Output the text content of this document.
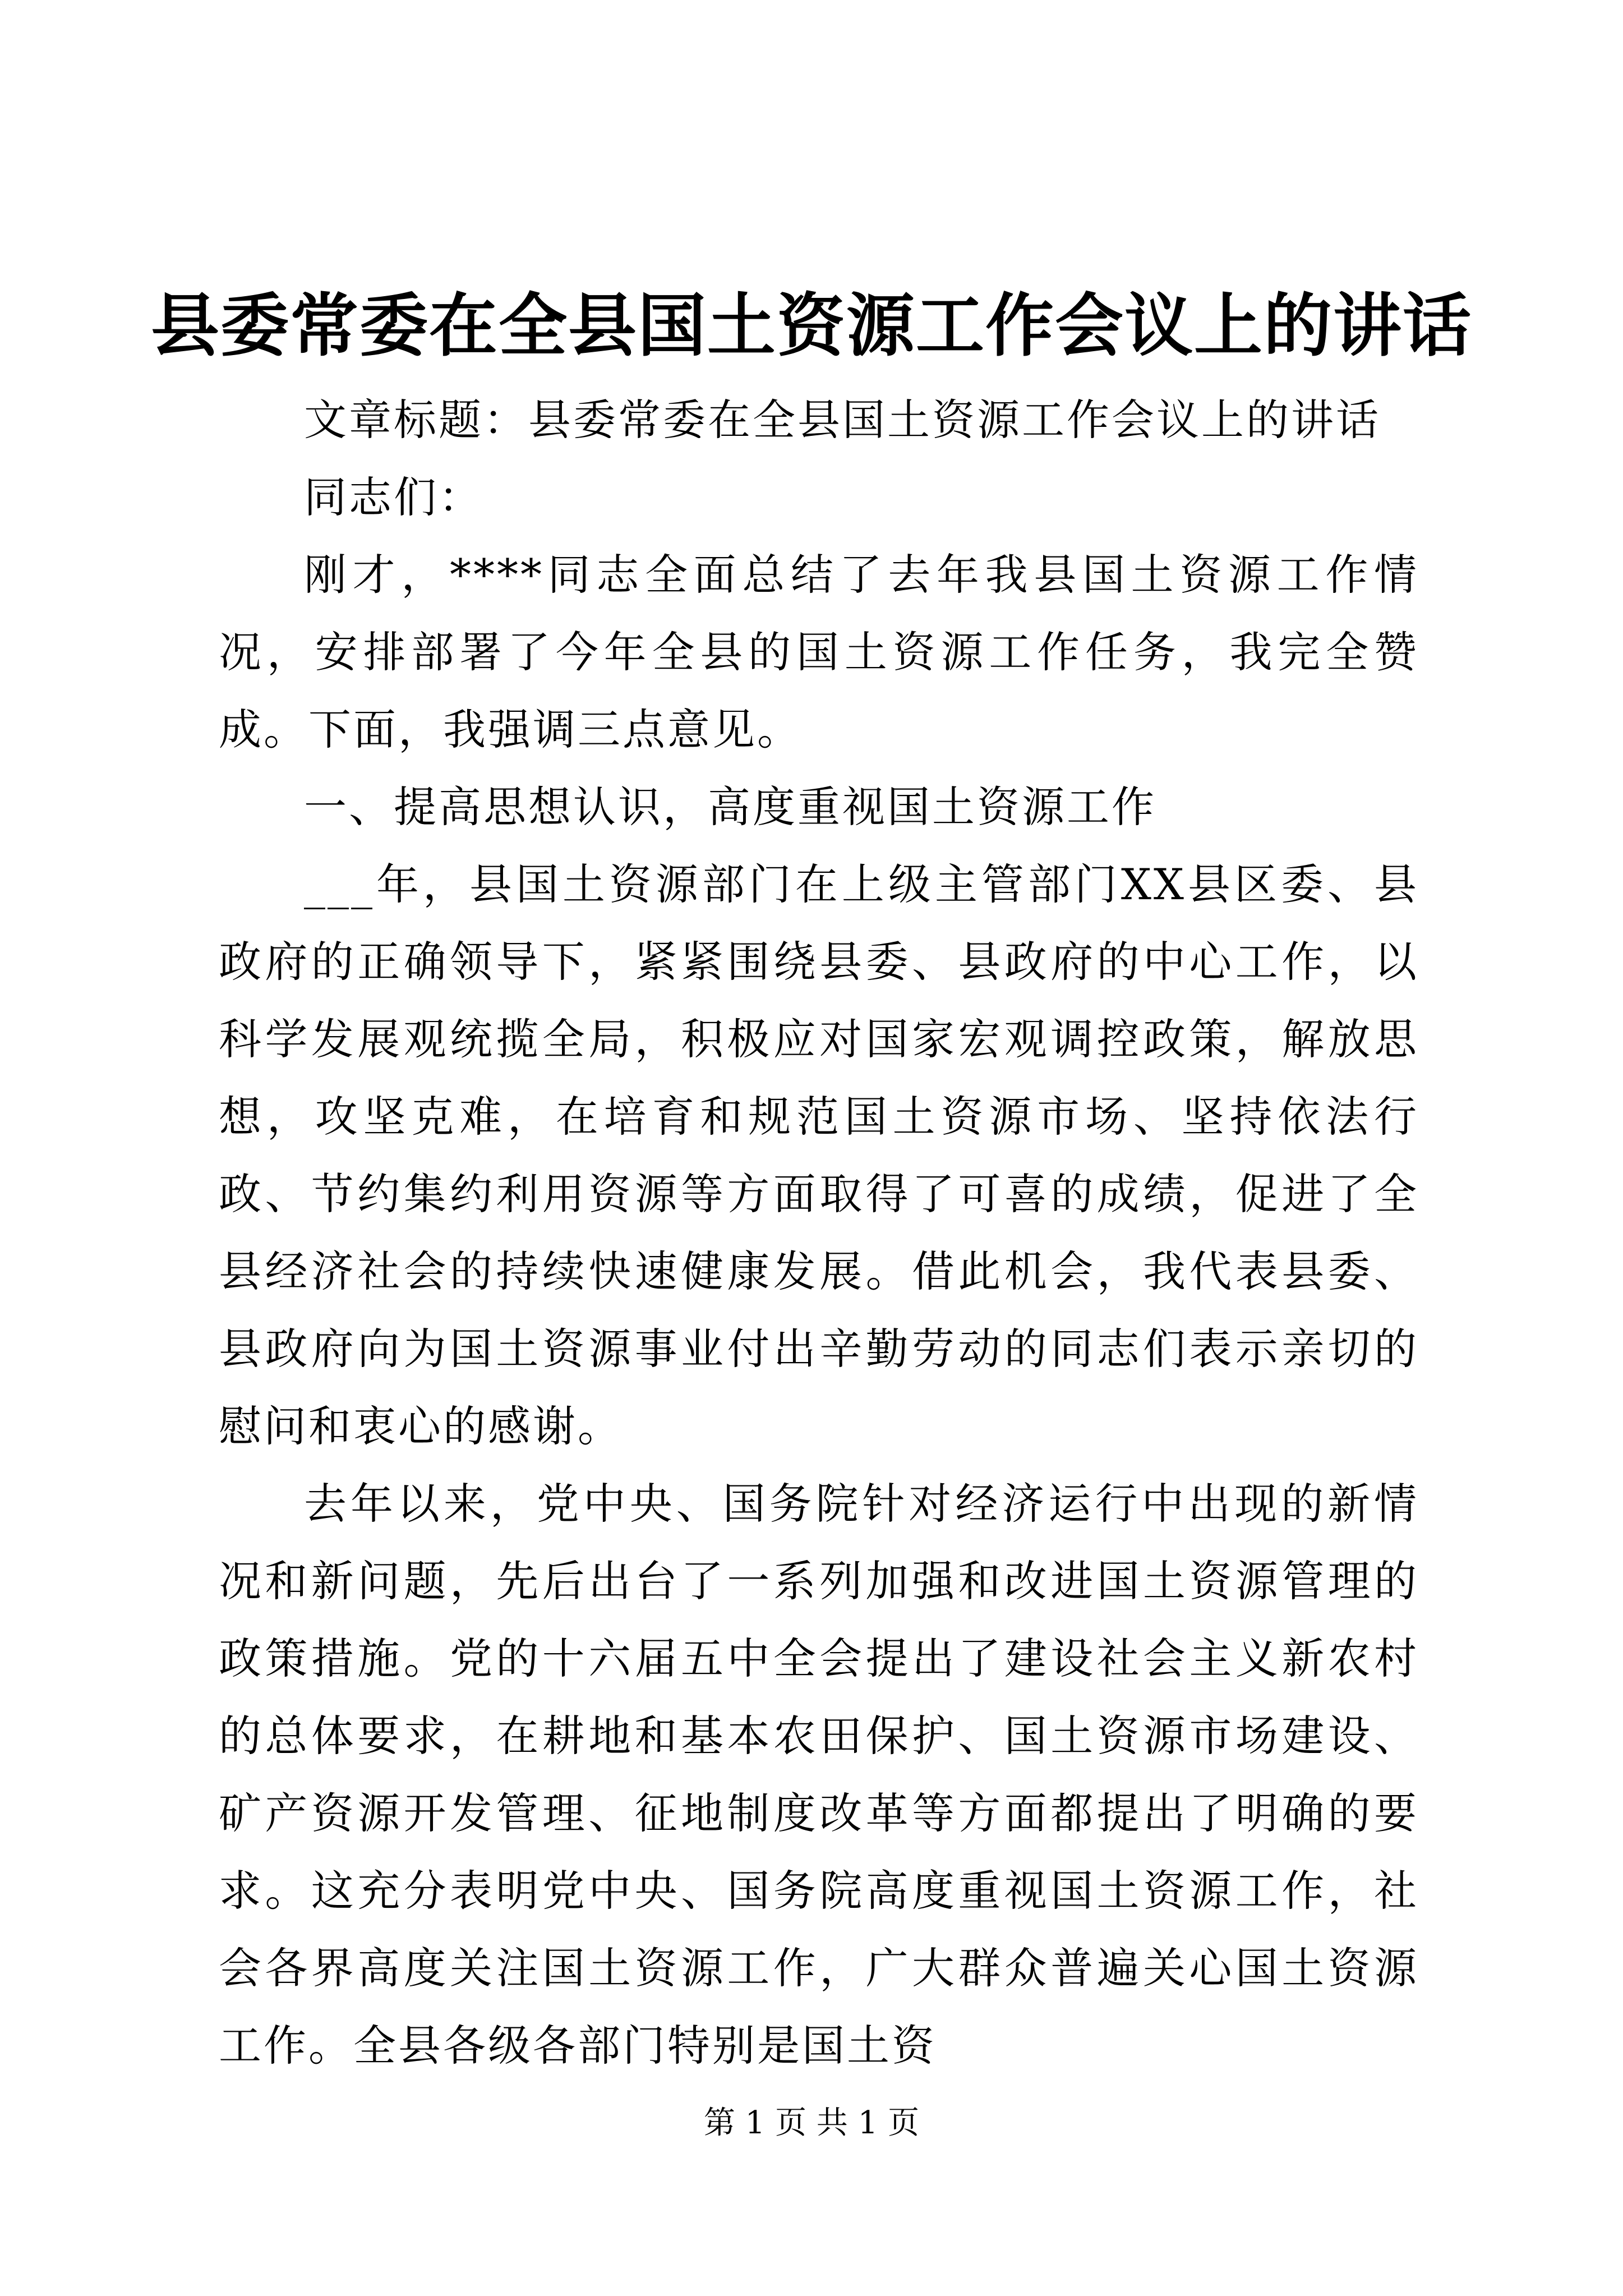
县委常委在全县国土资源工作会议上的讲话

文章标题：县委常委在全县国土资源工作会议上的讲话

同志们：

刚才，****同志全面总结了去年我县国土资源工作情况，安排部署了今年全县的国土资源工作任务，我完全赞成。下面，我强调三点意见。

一、提高思想认识，高度重视国土资源工作

___年，县国土资源部门在上级主管部门XX县区委、县政府的正确领导下，紧紧围绕县委、县政府的中心工作，以科学发展观统揽全局，积极应对国家宏观调控政策，解放思想，攻坚克难，在培育和规范国土资源市场、坚持依法行政、节约集约利用资源等方面取得了可喜的成绩，促进了全县经济社会的持续快速健康发展。借此机会，我代表县委、县政府向为国土资源事业付出辛勤劳动的同志们表示亲切的慰问和衷心的感谢。

去年以来，党中央、国务院针对经济运行中出现的新情况和新问题，先后出台了一系列加强和改进国土资源管理的政策措施。党的十六届五中全会提出了建设社会主义新农村的总体要求，在耕地和基本农田保护、国土资源市场建设、矿产资源开发管理、征地制度改革等方面都提出了明确的要求。这充分表明党中央、国务院高度重视国土资源工作，社会各界高度关注国土资源工作，广大群众普遍关心国土资源工作。全县各级各部门特别是国土资

第 1 页 共 1 页
